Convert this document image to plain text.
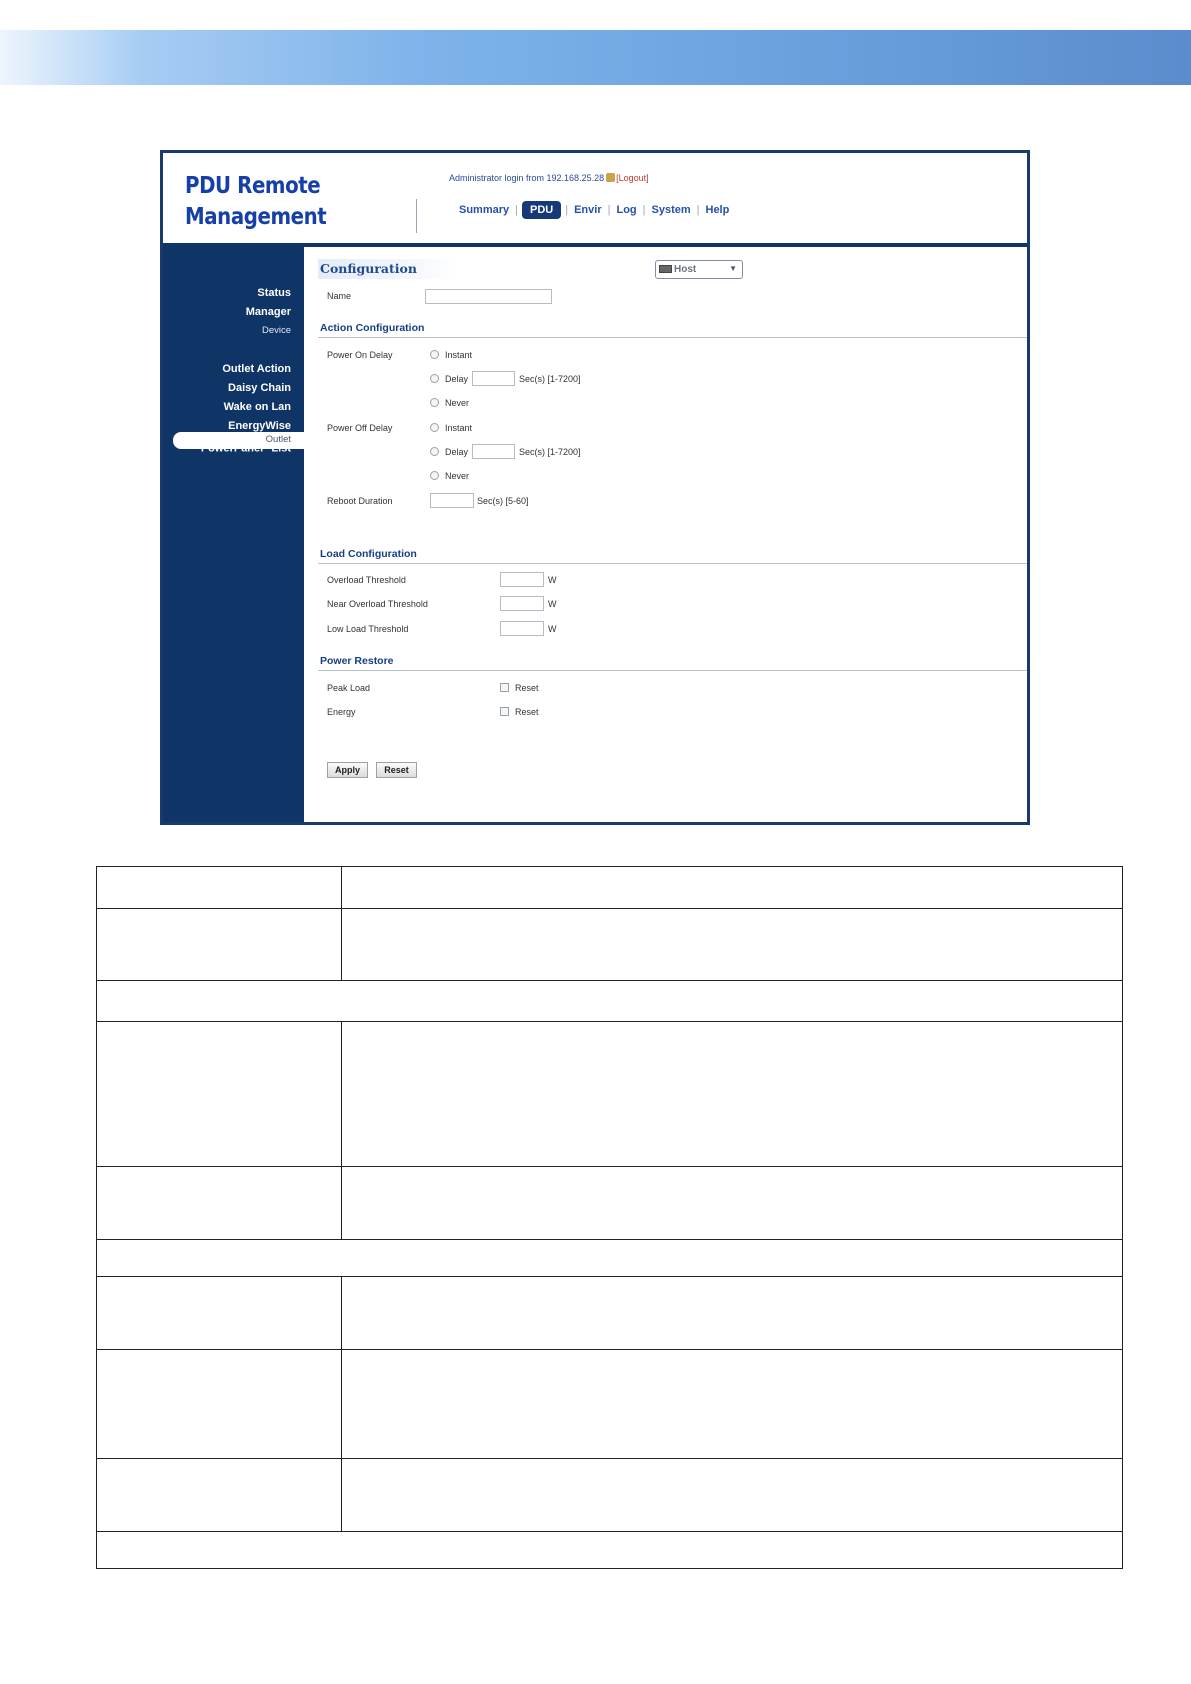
PDU Remote
Management
Administrator login from 192.168.25.28 [Logout]
Summary |	PDU	| Envir | Log | System | Help
Status
Manager
Device
Outlet
Outlet Action
Daisy Chain
Wake on Lan
EnergyWise
PowerPanel® List
Configuration	Host	▼
Name
Action Configuration
Power On Delay	Instant
Delay	Sec(s) [1-7200]
Never
Power Off Delay	Instant
Delay	Sec(s) [1-7200]
Never
Reboot Duration	Sec(s) [5-60]
Load Configuration
Overload Threshold	W
Near Overload Threshold	W
Low Load Threshold	W
Power Restore
Peak Load	Reset
Energy	Reset
Apply	Reset
